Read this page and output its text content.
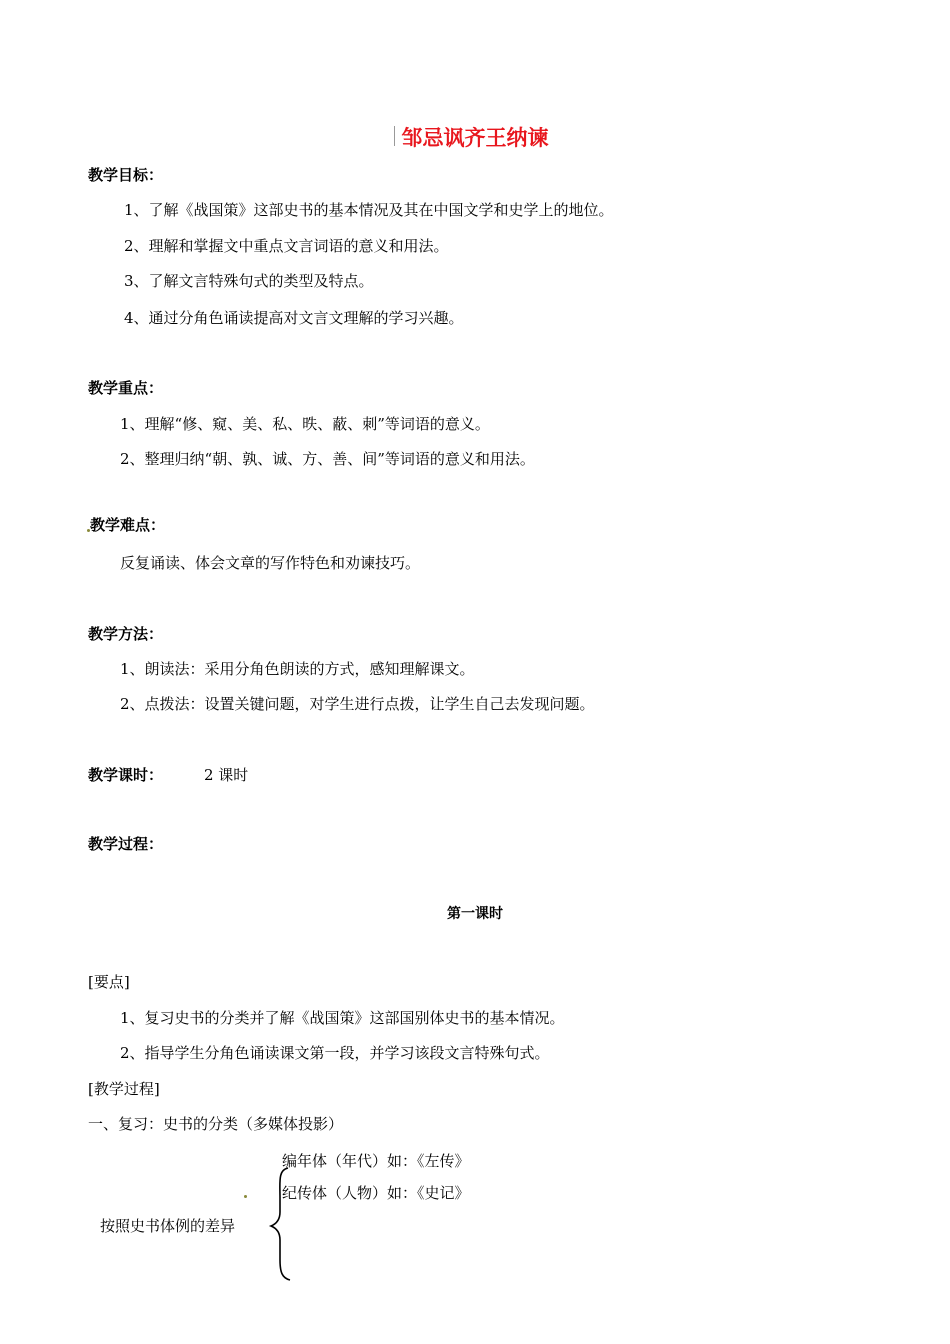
邹忌讽齐王纳谏
教学目标：
1、了解《战国策》这部史书的基本情况及其在中国文学和史学上的地位。
2、理解和掌握文中重点文言词语的意义和用法。
3、了解文言特殊句式的类型及特点。
4、通过分角色诵读提高对文言文理解的学习兴趣。
教学重点：
1、理解“修、窥、美、私、昳、蔽、刺”等词语的意义。
2、整理归纳“朝、孰、诚、方、善、间”等词语的意义和用法。
教学难点：
反复诵读、体会文章的写作特色和劝谏技巧。
教学方法：
1、朗读法：采用分角色朗读的方式，感知理解课文。
2、点拨法：设置关键问题，对学生进行点拨，让学生自己去发现问题。
教学课时：	2 课时
教学过程：
第一课时
[要点]
1、复习史书的分类并了解《战国策》这部国别体史书的基本情况。
2、指导学生分角色诵读课文第一段，并学习该段文言特殊句式。
[教学过程]
一、复习：史书的分类（多媒体投影）
编年体（年代）如：《左传》
纪传体（人物）如：《史记》
按照史书体例的差异
